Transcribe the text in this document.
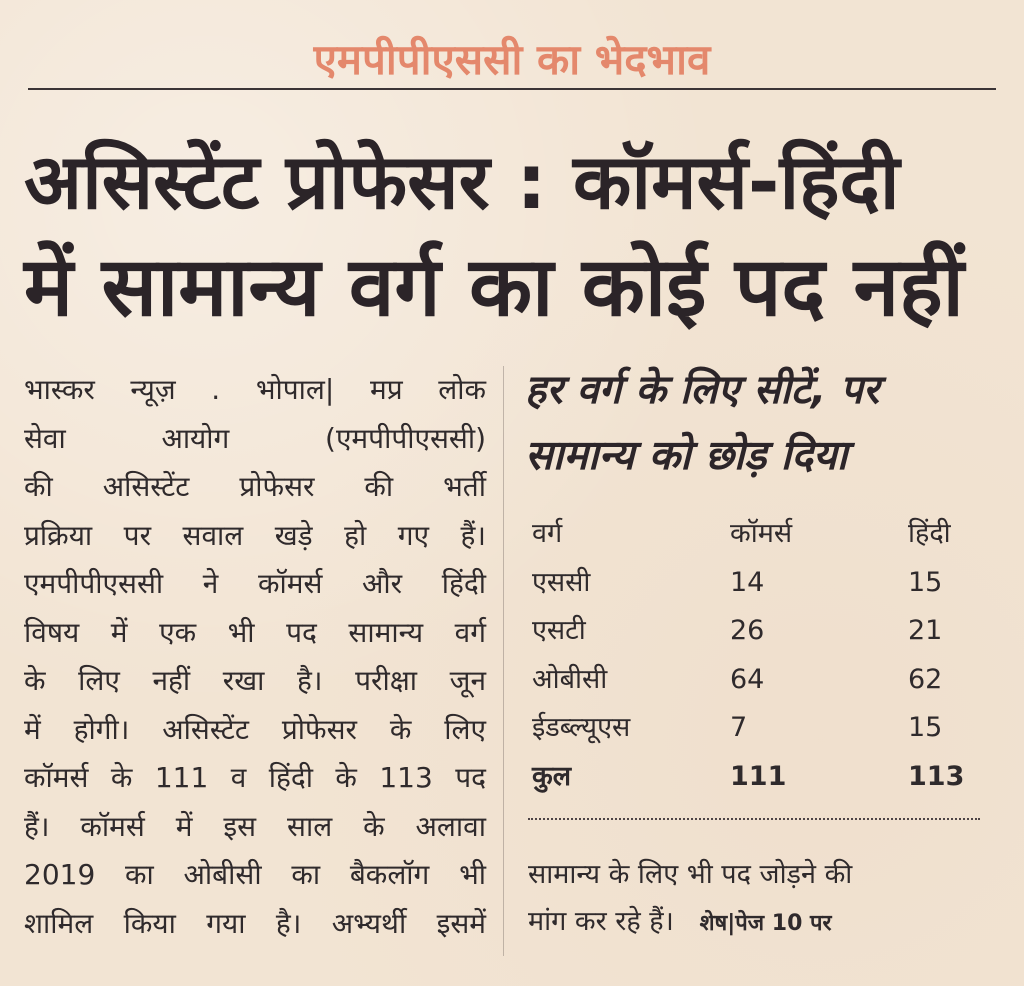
एमपीपीएससी का भेदभाव
असिस्टेंट प्रोफेसर : कॉमर्स-हिंदी
में सामान्य वर्ग का कोई पद नहीं
भास्कर न्यूज़ . भोपाल| मप्र लोक
सेवा आयोग (एमपीपीएससी)
की असिस्टेंट प्रोफेसर की भर्ती
प्रक्रिया पर सवाल खड़े हो गए हैं।
एमपीपीएससी ने कॉमर्स और हिंदी
विषय में एक भी पद सामान्य वर्ग
के लिए नहीं रखा है। परीक्षा जून
में होगी। असिस्टेंट प्रोफेसर के लिए
कॉमर्स के 111 व हिंदी के 113 पद
हैं। कॉमर्स में इस साल के अलावा
2019 का ओबीसी का बैकलॉग भी
शामिल किया गया है। अभ्यर्थी इसमें
हर वर्ग के लिए सीटें, पर
सामान्य को छोड़ दिया
वर्ग	कॉमर्स	हिंदी
एससी	14	15
एसटी	26	21
ओबीसी	64	62
ईडब्ल्यूएस	7	15
कुल	111	113
सामान्य के लिए भी पद जोड़ने की
मांग कर रहे हैं। शेष|पेज 10 पर
